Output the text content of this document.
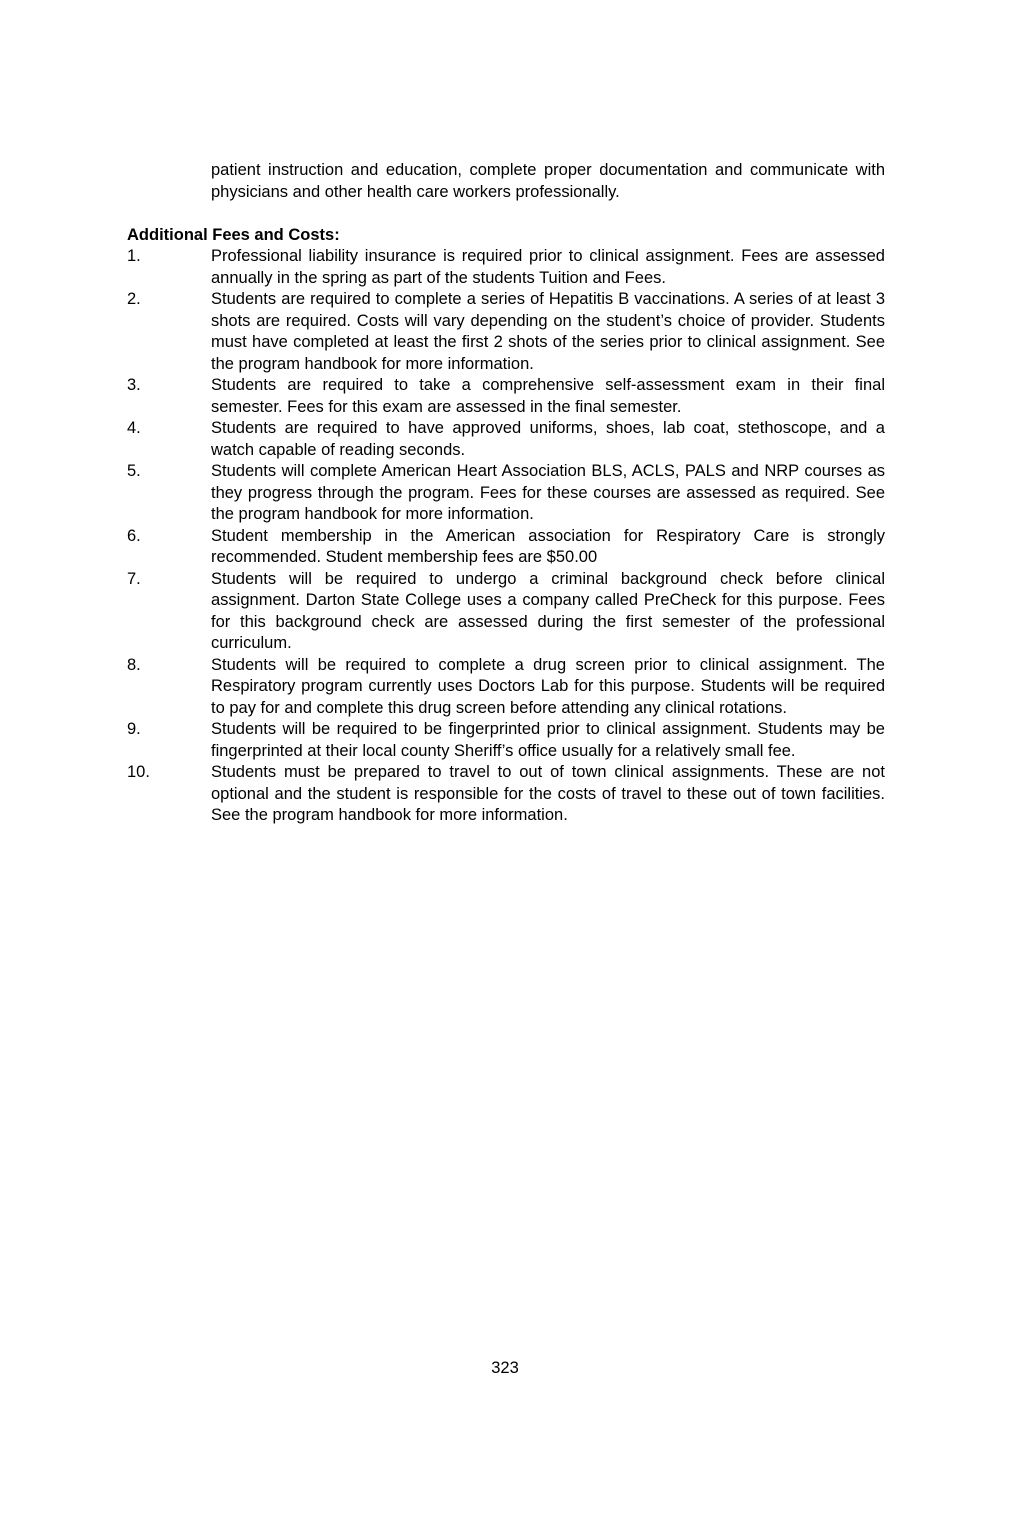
patient instruction and education, complete proper documentation and communicate with physicians and other health care workers professionally.

Additional Fees and Costs:

1.	Professional liability insurance is required prior to clinical assignment. Fees are assessed annually in the spring as part of the students Tuition and Fees.
2.	Students are required to complete a series of Hepatitis B vaccinations. A series of at least 3 shots are required. Costs will vary depending on the student’s choice of provider. Students must have completed at least the first 2 shots of the series prior to clinical assignment. See the program handbook for more information.
3.	Students are required to take a comprehensive self-assessment exam in their final semester. Fees for this exam are assessed in the final semester.
4.	Students are required to have approved uniforms, shoes, lab coat, stethoscope, and a watch capable of reading seconds.
5.	Students will complete American Heart Association BLS, ACLS, PALS and NRP courses as they progress through the program. Fees for these courses are assessed as required. See the program handbook for more information.
6.	Student membership in the American association for Respiratory Care is strongly recommended. Student membership fees are $50.00
7.	Students will be required to undergo a criminal background check before clinical assignment. Darton State College uses a company called PreCheck for this purpose. Fees for this background check are assessed during the first semester of the professional curriculum.
8.	Students will be required to complete a drug screen prior to clinical assignment. The Respiratory program currently uses Doctors Lab for this purpose. Students will be required to pay for and complete this drug screen before attending any clinical rotations.
9.	Students will be required to be fingerprinted prior to clinical assignment. Students may be fingerprinted at their local county Sheriff’s office usually for a relatively small fee.
10.	Students must be prepared to travel to out of town clinical assignments. These are not optional and the student is responsible for the costs of travel to these out of town facilities. See the program handbook for more information.

323
